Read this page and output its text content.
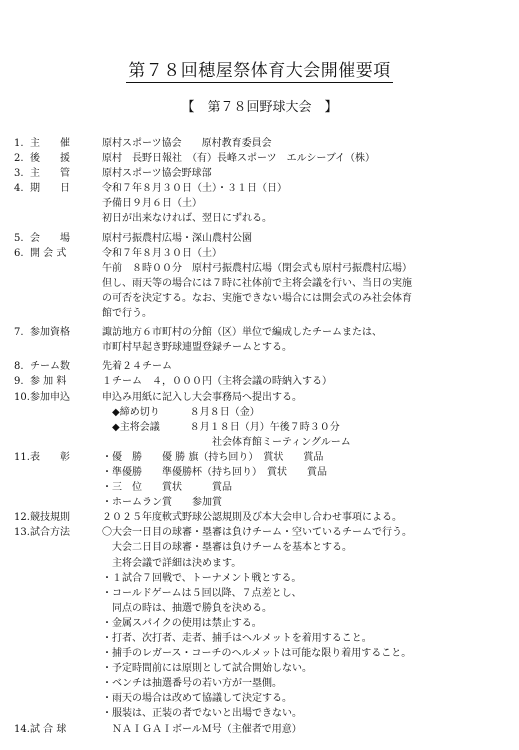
第７８回穂屋祭体育大会開催要項
【　第７８回野球大会　】
1. 主　　催	原村スポーツ協会　　原村教育委員会
2. 後　　援	原村　長野日報社　（有）長峰スポーツ　エルシーブイ（株）
3. 主　　管	原村スポーツ協会野球部
4. 期　　日	令和７年８月３０日（土）・３１日（日）
予備日９月６日（土）
初日が出来なければ、翌日にずれる。
5. 会　　場	原村弓振農村広場・深山農村公園
6. 開 会 式	令和７年８月３０日（土）
午前　８時００分　原村弓振農村広場（閉会式も原村弓振農村広場）
但し、雨天等の場合には７時に社体前で主将会議を行い、当日の実施
の可否を決定する。なお、実施できない場合には開会式のみ社会体育
館で行う。
7. 参加資格	諏訪地方６市町村の分館（区）単位で編成したチームまたは、
市町村早起き野球連盟登録チームとする。
8. チーム数	先着２４チーム
9. 参 加 料	１チーム　４，０００円（主将会議の時納入する）
10. 参加申込	申込み用紙に記入し大会事務局へ提出する。
　◆締め切り　　　８月８日（金）
　◆主将会議　　　８月１８日（月）午後７時３０分
　　　　　　　　　　　社会体育館ミーティングルーム
11. 表　　彰	・優　勝　　優 勝 旗（持ち回り）　賞状　　賞品
・準優勝　　準優勝杯（持ち回り）　賞状　　賞品
・三　位　　賞状　　　賞品
・ホームラン賞　　参加賞
12. 競技規則	２０２５年度軟式野球公認規則及び本大会申し合わせ事項による。
13. 試合方法	〇大会一日目の球審・塁審は負けチーム・空いているチームで行う。
　大会二日目の球審・塁審は負けチームを基本とする。
　主将会議で詳細は決めます。
・１試合７回戦で、トーナメント戦とする。
・コールドゲームは５回以降、７点差とし、
　同点の時は、抽選で勝負を決める。
・金属スパイクの使用は禁止する。
・打者、次打者、走者、捕手はヘルメットを着用すること。
・捕手のレガース・コーチのヘルメットは可能な限り着用すること。
・予定時間前には原則として試合開始しない。
・ベンチは抽選番号の若い方が一塁側。
・雨天の場合は改めて協議して決定する。
・服装は、正装の者でないと出場できない。
14. 試 合 球	　ＮＡＩＧＡＩボールＭ号（主催者で用意）
